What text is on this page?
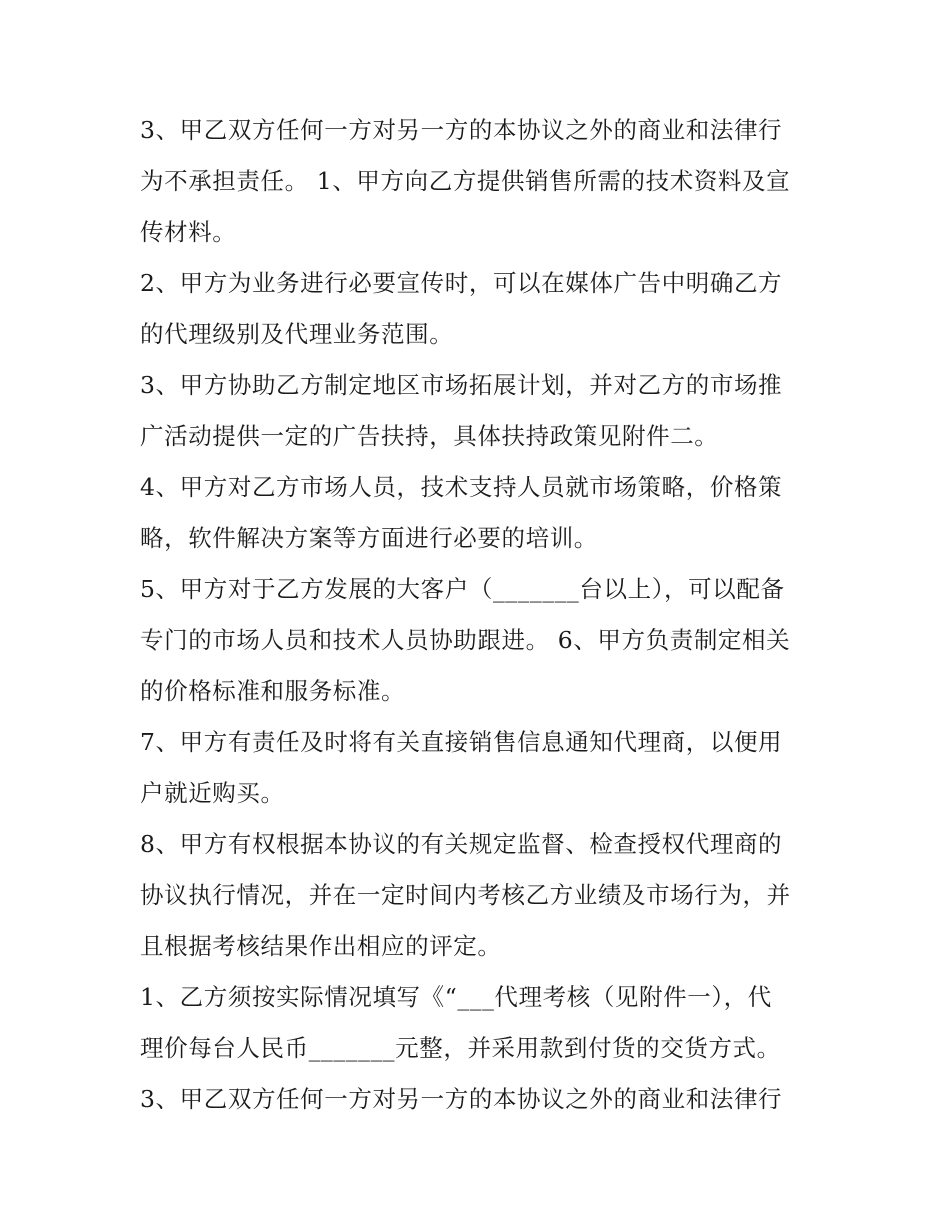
3、甲乙双方任何一方对另一方的本协议之外的商业和法律行
为不承担责任。 1、甲方向乙方提供销售所需的技术资料及宣
传材料。
2、甲方为业务进行必要宣传时，可以在媒体广告中明确乙方
的代理级别及代理业务范围。
3、甲方协助乙方制定地区市场拓展计划，并对乙方的市场推
广活动提供一定的广告扶持，具体扶持政策见附件二。
4、甲方对乙方市场人员，技术支持人员就市场策略，价格策
略，软件解决方案等方面进行必要的培训。
5、甲方对于乙方发展的大客户（_______台以上），可以配备
专门的市场人员和技术人员协助跟进。 6、甲方负责制定相关
的价格标准和服务标准。
7、甲方有责任及时将有关直接销售信息通知代理商，以便用
户就近购买。
8、甲方有权根据本协议的有关规定监督、检查授权代理商的
协议执行情况，并在一定时间内考核乙方业绩及市场行为，并
且根据考核结果作出相应的评定。
1、乙方须按实际情况填写《“___代理考核（见附件一），代
理价每台人民币_______元整，并采用款到付货的交货方式。
3、甲乙双方任何一方对另一方的本协议之外的商业和法律行
